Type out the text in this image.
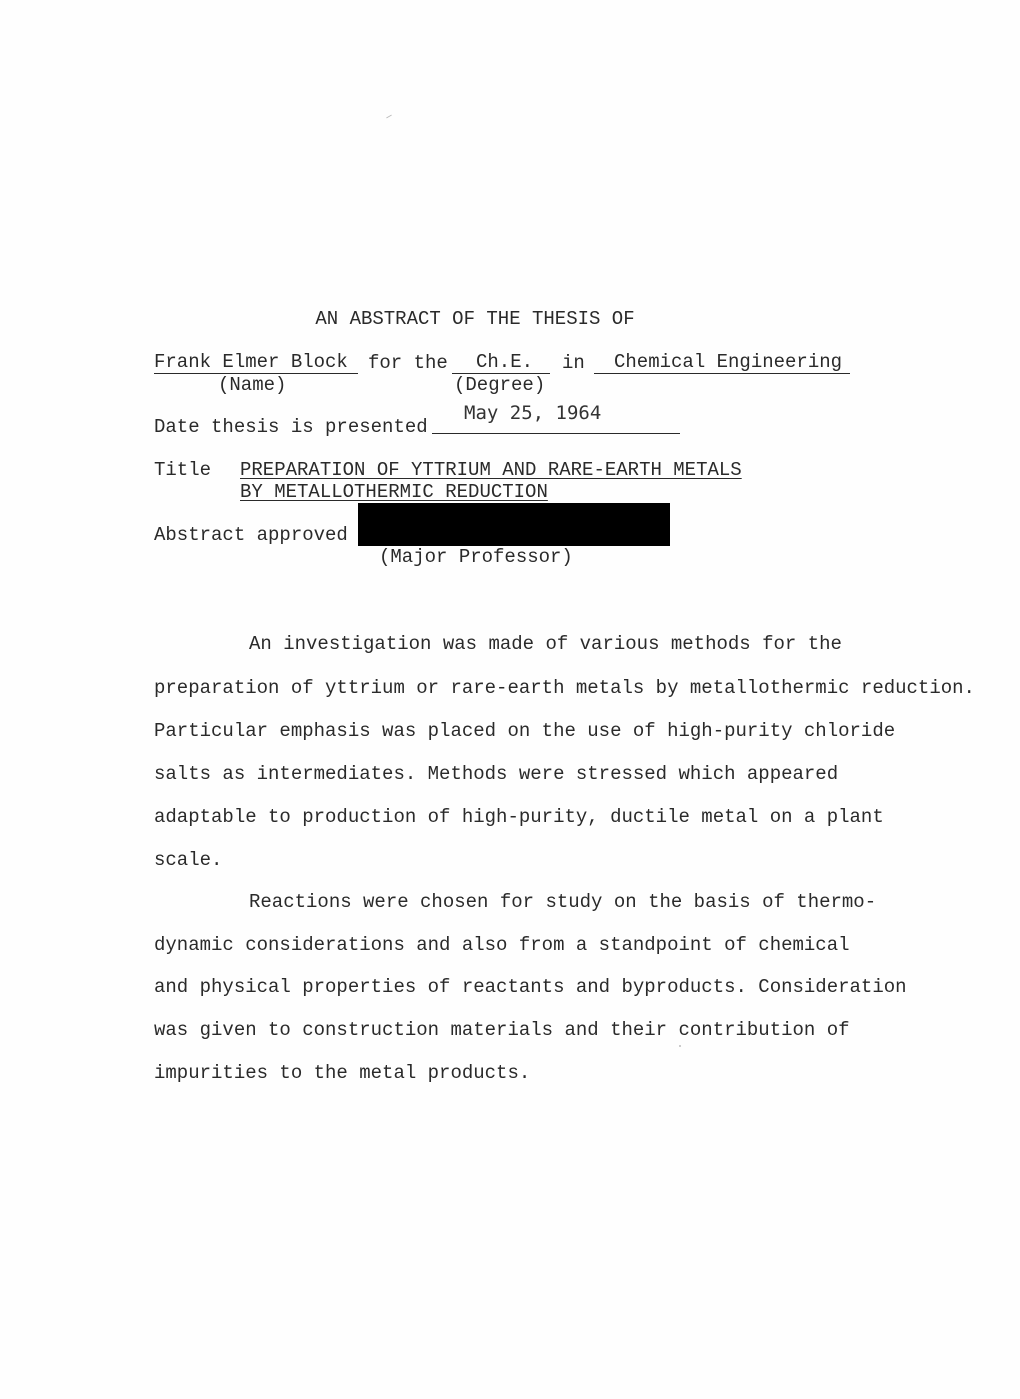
AN ABSTRACT OF THE THESIS OF
Frank Elmer Block	for the	Ch.E.	in	Chemical Engineering
(Name)	(Degree)
Date thesis is presented
May 25, 1964
Title PREPARATION OF YTTRIUM AND RARE-EARTH METALS
BY METALLOTHERMIC REDUCTION
Abstract approved
(Major Professor)
An investigation was made of various methods for the
preparation of yttrium or rare-earth metals by metallothermic reduction.
Particular emphasis was placed on the use of high-purity chloride
salts as intermediates. Methods were stressed which appeared
adaptable to production of high-purity, ductile metal on a plant
scale.
Reactions were chosen for study on the basis of thermo-
dynamic considerations and also from a standpoint of chemical
and physical properties of reactants and byproducts. Consideration
was given to construction materials and their contribution of
impurities to the metal products.
